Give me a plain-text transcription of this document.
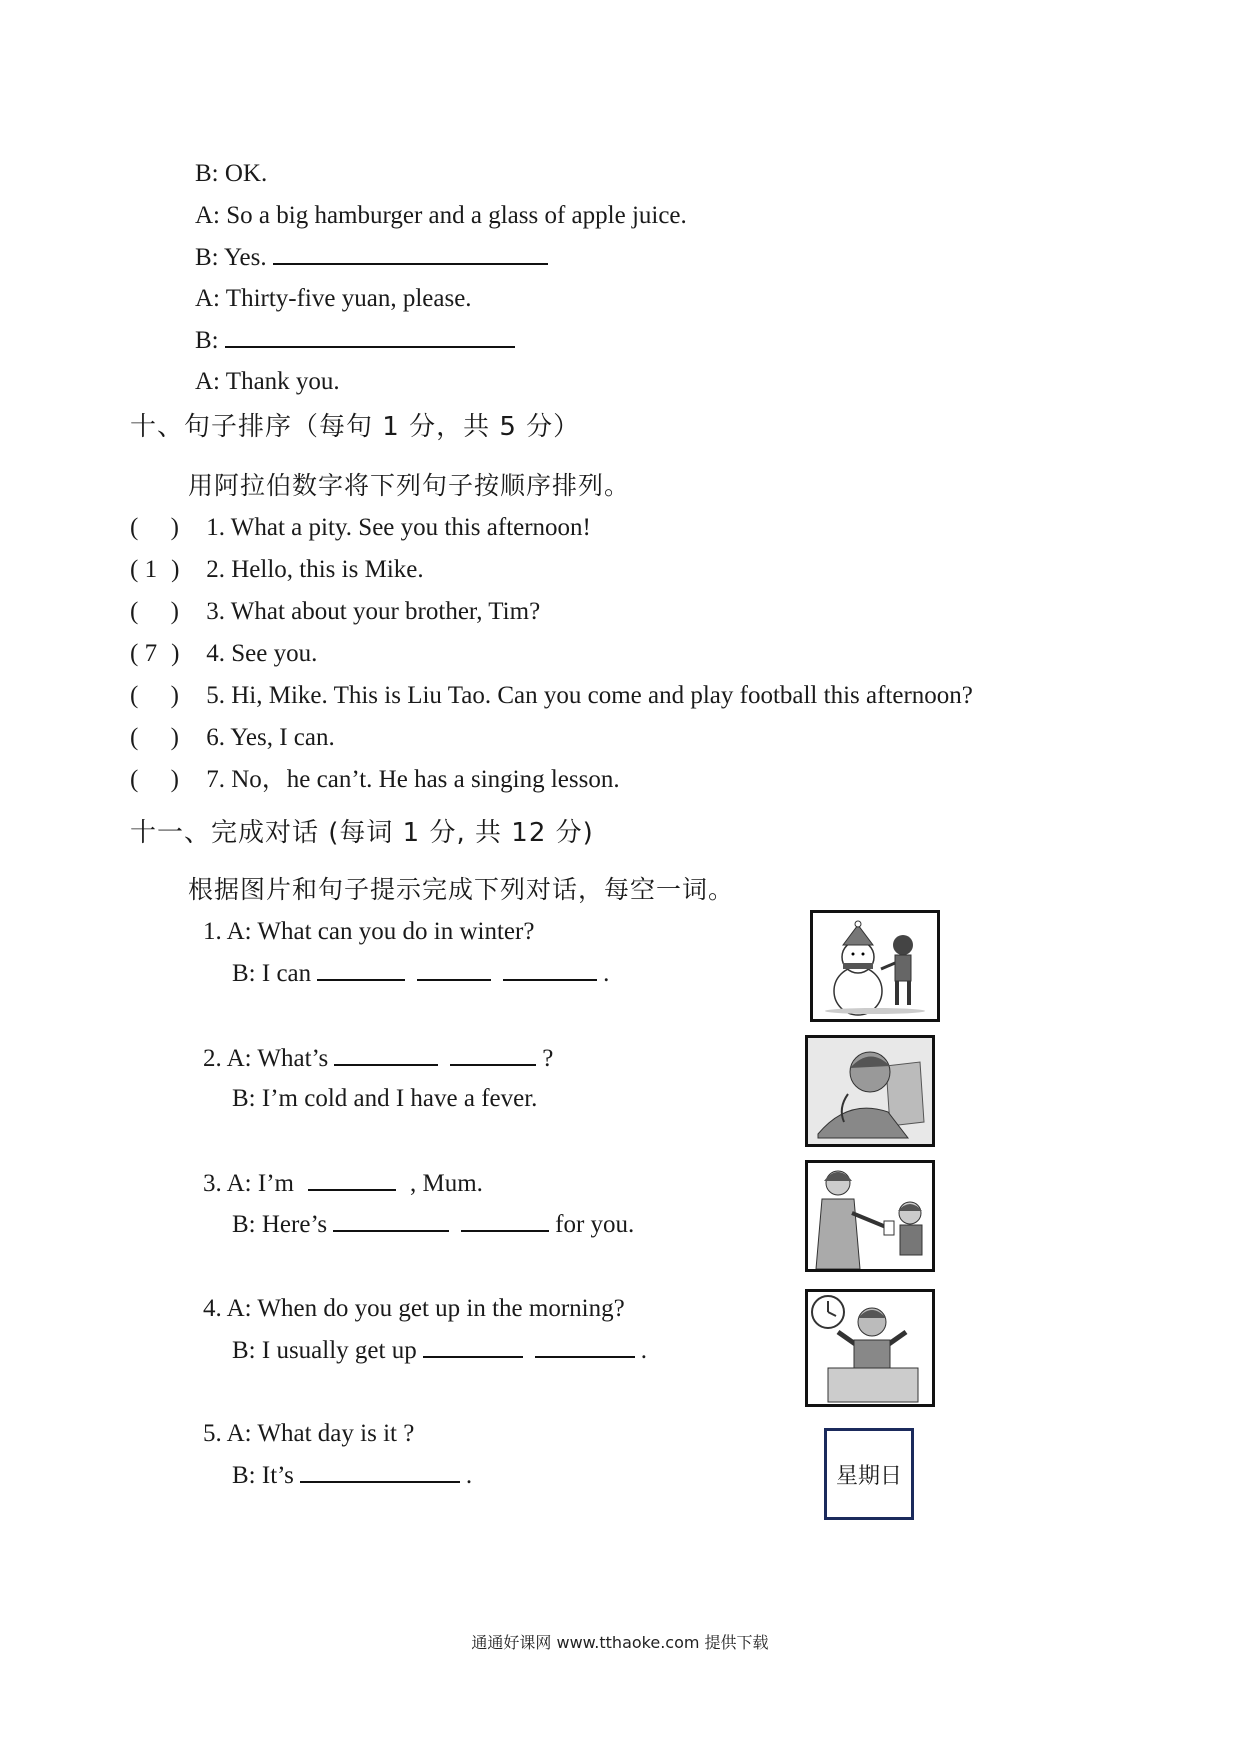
B: OK.
A: So a big hamburger and a glass of apple juice.
B: Yes.
A: Thirty-five yuan, please.
B:
A: Thank you.
十、句子排序（每句 1 分，共 5 分）
用阿拉伯数字将下列句子按顺序排列。
( ) 1. What a pity. See you this afternoon!
( 1 ) 2. Hello, this is Mike.
( ) 3. What about your brother, Tim?
( 7 ) 4. See you.
( ) 5. Hi, Mike. This is Liu Tao. Can you come and play football this afternoon?
( ) 6. Yes, I can.
( ) 7. No，he can’t. He has a singing lesson.
十一、完成对话 (每词 1 分, 共 12 分)
根据图片和句子提示完成下列对话，每空一词。
1. A: What can you do in winter?
B: I can	.
2. A: What’s	?
B: I’m cold and I have a fever.
3. A: I’m	, Mum.
B: Here’s	for you.
4. A: When do you get up in the morning?
B: I usually get up	.
5. A: What day is it ?
B: It’s	.	星期日
通通好课网 www.tthaoke.com 提供下载
